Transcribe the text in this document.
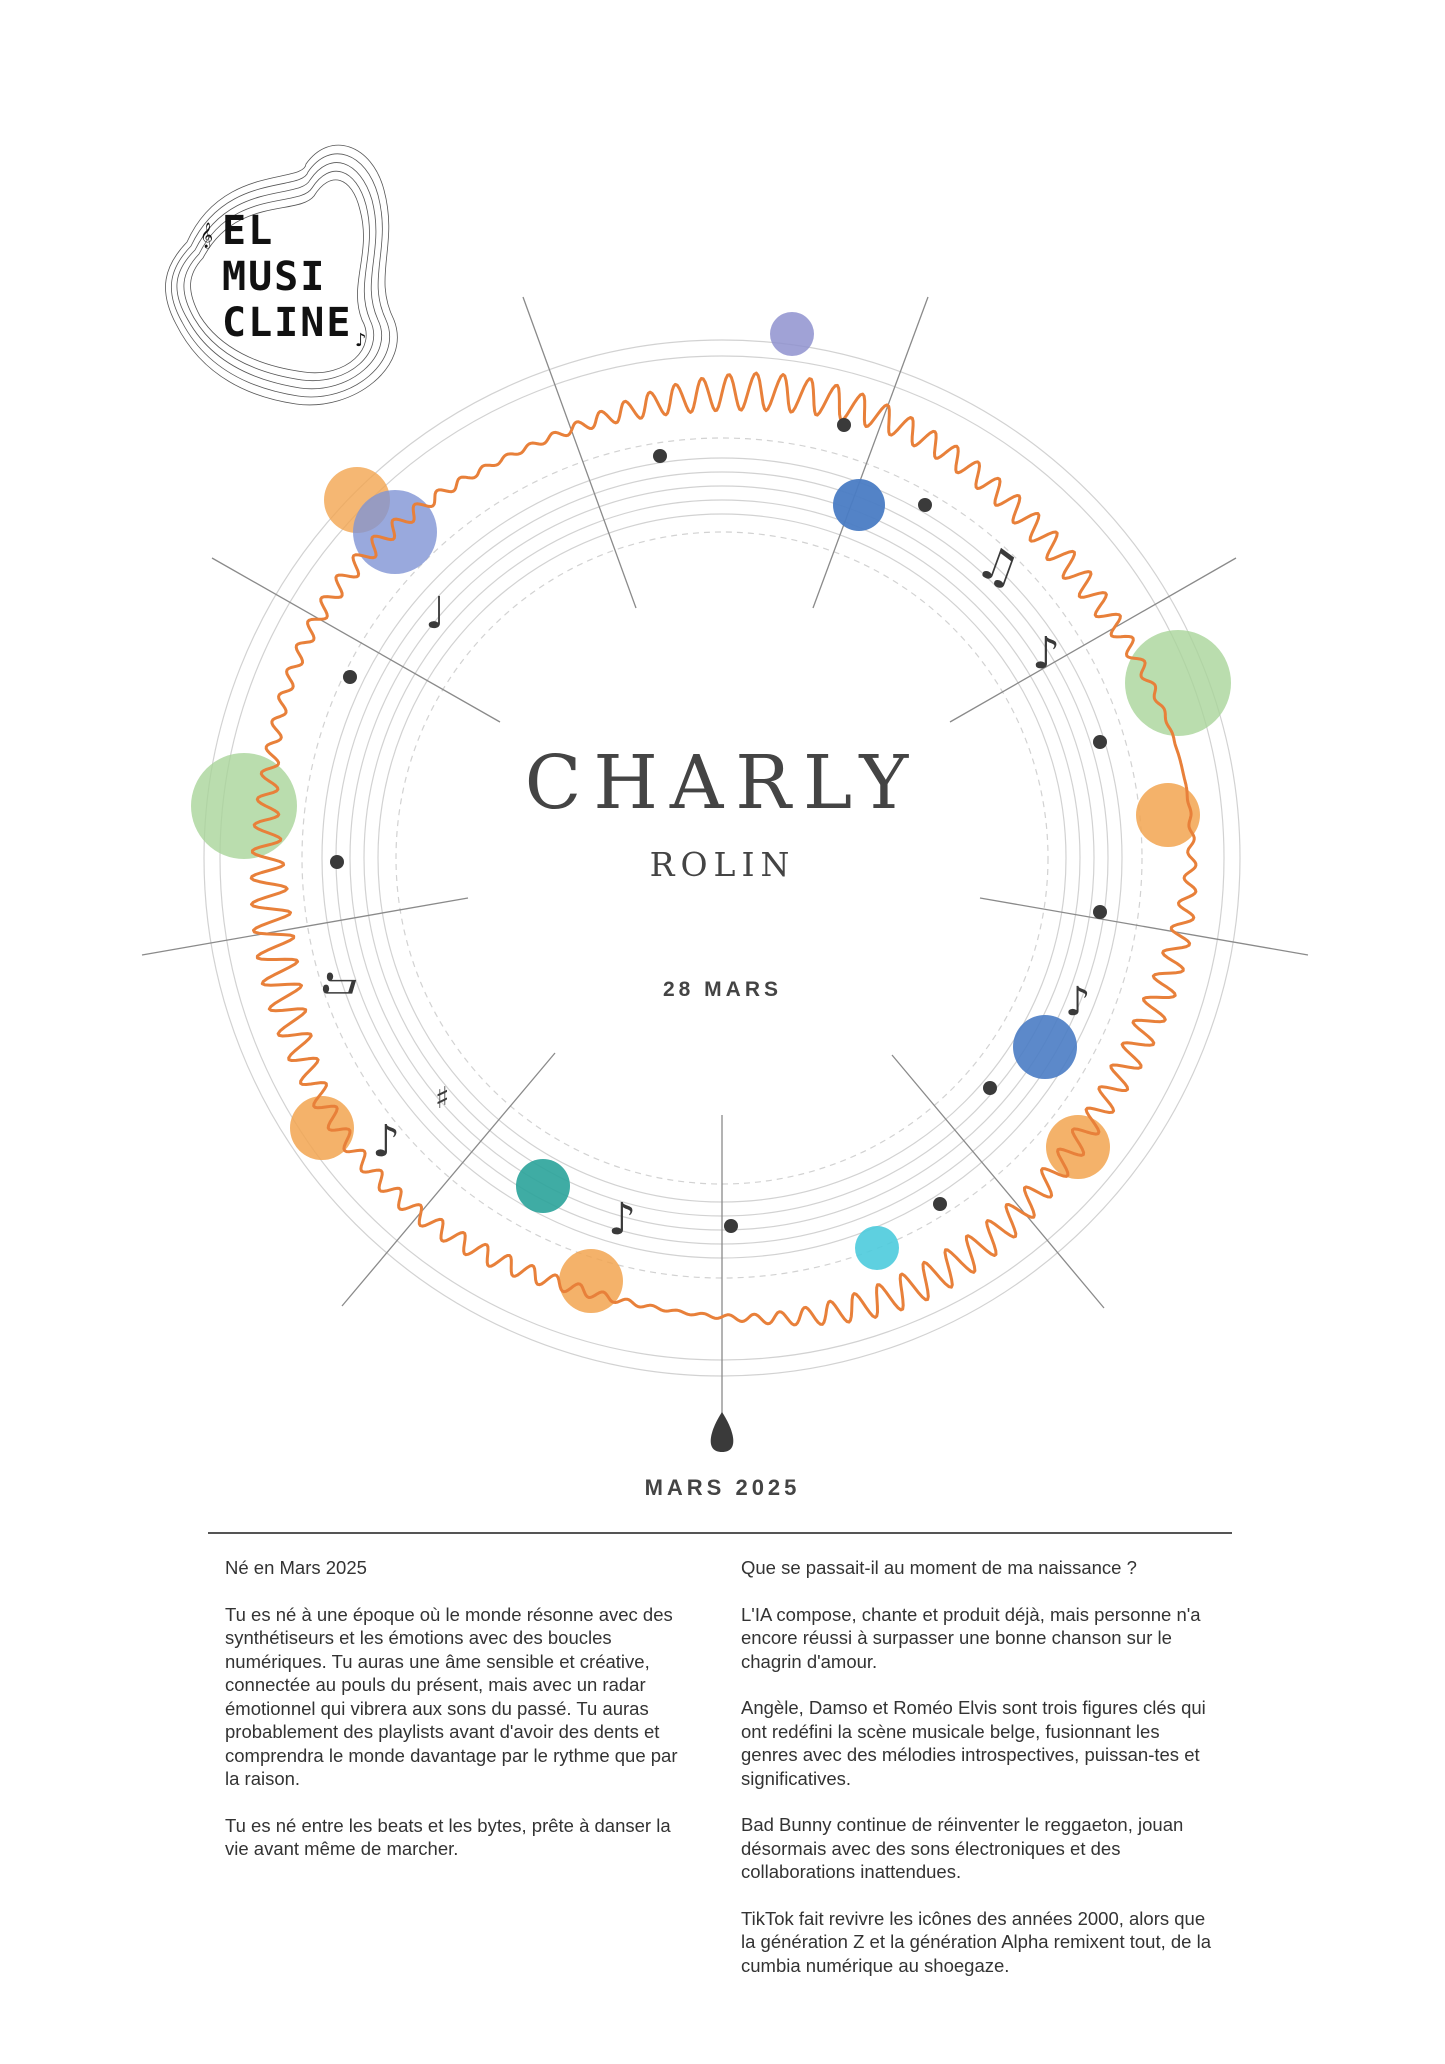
♫
♪
♩
♪
♫
♯
♪
♪
EL
MUSI
CLINE
𝄞
♪
CHARLY
ROLIN
28 MARS
MARS 2025

Né en Mars 2025

Tu es né à une époque où le monde résonne avec des synthétiseurs et les émotions avec des boucles numériques. Tu auras une âme sensible et créative, connectée au pouls du présent, mais avec un radar émotionnel qui vibrera aux sons du passé. Tu auras probablement des playlists avant d'avoir des dents et comprendra le monde davantage par le rythme que par la raison.

Tu es né entre les beats et les bytes, prête à danser la vie avant même de marcher.

Que se passait-il au moment de ma naissance ?

L'IA compose, chante et produit déjà, mais personne n'a encore réussi à surpasser une bonne chanson sur le chagrin d'amour.

Angèle, Damso et Roméo Elvis sont trois figures clés qui ont redéfini la scène musicale belge, fusionnant les genres avec des mélodies introspectives, puissan-tes et significatives.

Bad Bunny continue de réinventer le reggaeton, jouan désormais avec des sons électroniques et des collaborations inattendues.

TikTok fait revivre les icônes des années 2000, alors que la génération Z et la génération Alpha remixent tout, de la cumbia numérique au shoegaze.
